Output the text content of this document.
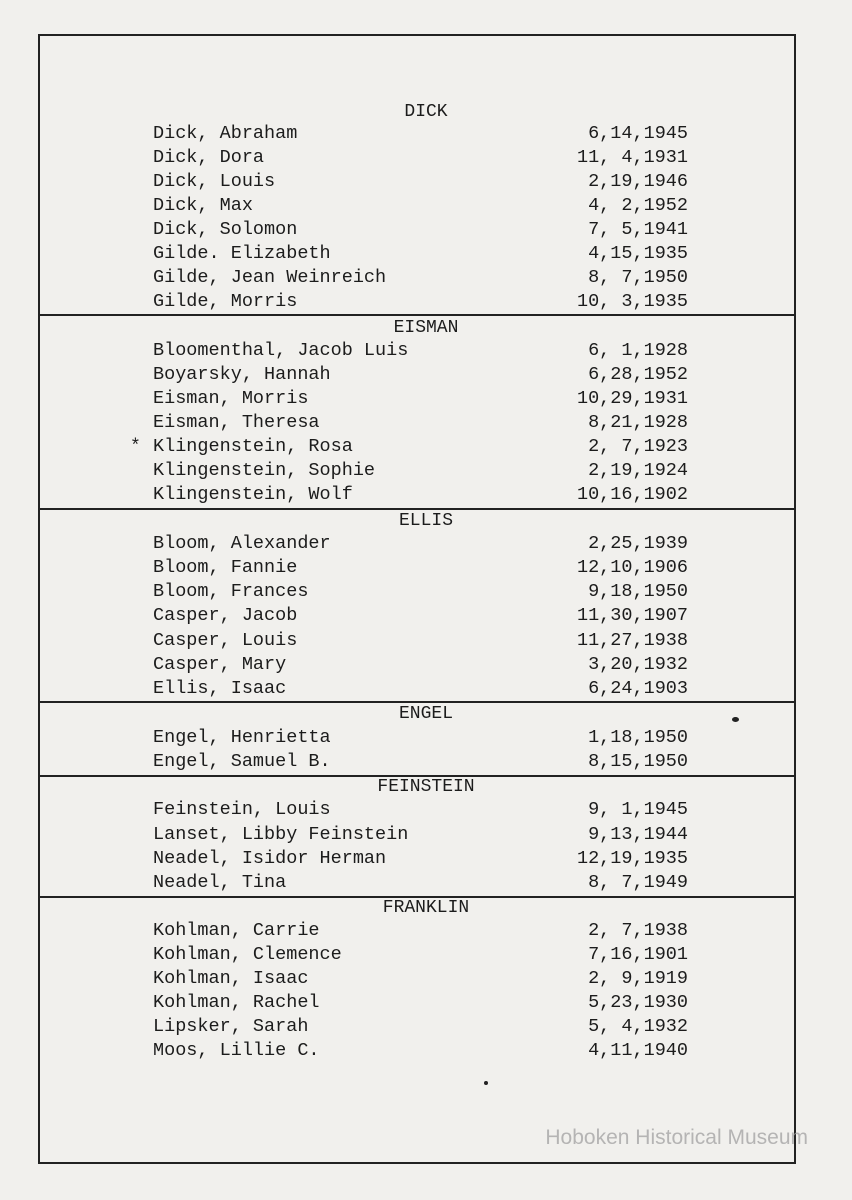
DICK
Dick, Abraham	6,14,1945
Dick, Dora	11, 4,1931
Dick, Louis	2,19,1946
Dick, Max	4, 2,1952
Dick, Solomon	7, 5,1941
Gilde. Elizabeth	4,15,1935
Gilde, Jean Weinreich	8, 7,1950
Gilde, Morris	10, 3,1935
EISMAN
Bloomenthal, Jacob Luis	6, 1,1928
Boyarsky, Hannah	6,28,1952
Eisman, Morris	10,29,1931
Eisman, Theresa	8,21,1928
* Klingenstein, Rosa	2, 7,1923
Klingenstein, Sophie	2,19,1924
Klingenstein, Wolf	10,16,1902
ELLIS
Bloom, Alexander	2,25,1939
Bloom, Fannie	12,10,1906
Bloom, Frances	9,18,1950
Casper, Jacob	11,30,1907
Casper, Louis	11,27,1938
Casper, Mary	3,20,1932
Ellis, Isaac	6,24,1903
ENGEL
Engel, Henrietta	1,18,1950
Engel, Samuel B.	8,15,1950
FEINSTEIN
Feinstein, Louis	9, 1,1945
Lanset, Libby Feinstein	9,13,1944
Neadel, Isidor Herman	12,19,1935
Neadel, Tina	8, 7,1949
FRANKLIN
Kohlman, Carrie	2, 7,1938
Kohlman, Clemence	7,16,1901
Kohlman, Isaac	2, 9,1919
Kohlman, Rachel	5,23,1930
Lipsker, Sarah	5, 4,1932
Moos, Lillie C.	4,11,1940
Hoboken Historical Museum
